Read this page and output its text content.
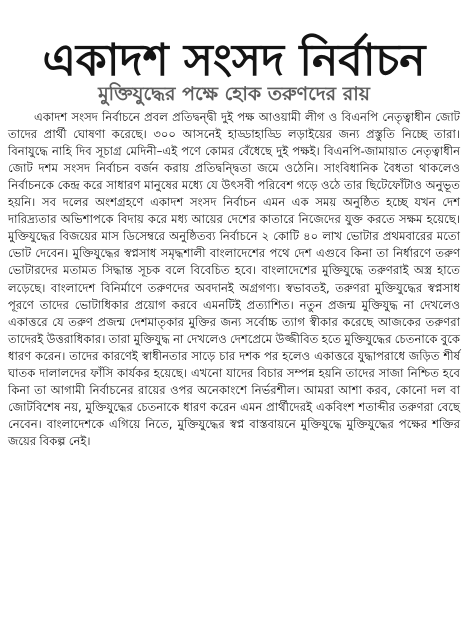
একাদশ সংসদ নির্বাচন
মুক্তিযুদ্ধের পক্ষে হোক তরুণদের রায়

একাদশ সংসদ নির্বাচনে প্রবল প্রতিদ্বন্দ্বী দুই পক্ষ আওয়ামী লীগ ও বিএনপি নেতৃত্বাধীন জোট তাদের প্রার্থী ঘোষণা করেছে। ৩০০ আসনেই হাড্ডাহাড্ডি লড়াইয়ের জন্য প্রস্তুতি নিচ্ছে তারা। বিনাযুদ্ধে নাহি দিব সূচাগ্র মেদিনী–এই পণে কোমর বেঁধেছে দুই পক্ষই। বিএনপি-জামায়াত নেতৃত্বাধীন জোট দশম সংসদ নির্বাচন বর্জন করায় প্রতিদ্বন্দ্বিতা জমে ওঠেনি। সাংবিধানিক বৈধতা থাকলেও নির্বাচনকে কেন্দ্র করে সাধারণ মানুষের মধ্যে যে উৎসবী পরিবেশ গড়ে ওঠে তার ছিটেফোঁটাও অনুভূত হয়নি। সব দলের অংশগ্রহণে একাদশ সংসদ নির্বাচন এমন এক সময় অনুষ্ঠিত হচ্ছে যখন দেশ দারিদ্র্যতার অভিশাপকে বিদায় করে মধ্য আয়ের দেশের কাতারে নিজেদের যুক্ত করতে সক্ষম হয়েছে। মুক্তিযুদ্ধের বিজয়ের মাস ডিসেম্বরে অনুষ্ঠিতব্য নির্বাচনে ২ কোটি ৪০ লাখ ভোটার প্রথমবারের মতো ভোট দেবেন। মুক্তিযুদ্ধের স্বপ্নসাধ সমৃদ্ধশালী বাংলাদেশের পথে দেশ এগুবে কিনা তা নির্ধারণে তরুণ ভোটারদের মতামত সিদ্ধান্ত সূচক বলে বিবেচিত হবে। বাংলাদেশের মুক্তিযুদ্ধে তরুণরাই অস্ত্র হাতে লড়েছে। বাংলাদেশ বিনির্মাণে তরুণদের অবদানই অগ্রগণ্য। স্বভাবতই, তরুণরা মুক্তিযুদ্ধের স্বপ্নসাধ পূরণে তাদের ভোটাধিকার প্রয়োগ করবে এমনটিই প্রত্যাশিত। নতুন প্রজন্ম মুক্তিযুদ্ধ না দেখলেও একাত্তরে যে তরুণ প্রজন্ম দেশমাতৃকার মুক্তির জন্য সর্বোচ্চ ত্যাগ স্বীকার করেছে আজকের তরুণরা তাদেরই উত্তরাধিকার। তারা মুক্তিযুদ্ধ না দেখলেও দেশপ্রেমে উজ্জীবিত হতে মুক্তিযুদ্ধের চেতনাকে বুকে ধারণ করেন। তাদের কারণেই স্বাধীনতার সাড়ে চার দশক পর হলেও একাত্তরে যুদ্ধাপরাধে জড়িত শীর্ষ ঘাতক দালালদের ফাঁসি কার্যকর হয়েছে। এখনো যাদের বিচার সম্পন্ন হয়নি তাদের সাজা নিশ্চিত হবে কিনা তা আগামী নির্বাচনের রায়ের ওপর অনেকাংশে নির্ভরশীল। আমরা আশা করব, কোনো দল বা জোটবিশেষ নয়, মুক্তিযুদ্ধের চেতনাকে ধারণ করেন এমন প্রার্থীদেরই একবিংশ শতাব্দীর তরুণরা বেছে নেবেন। বাংলাদেশকে এগিয়ে নিতে, মুক্তিযুদ্ধের স্বপ্ন বাস্তবায়নে মুক্তিযুদ্ধে মুক্তিযুদ্ধের পক্ষের শক্তির জয়ের বিকল্প নেই।
